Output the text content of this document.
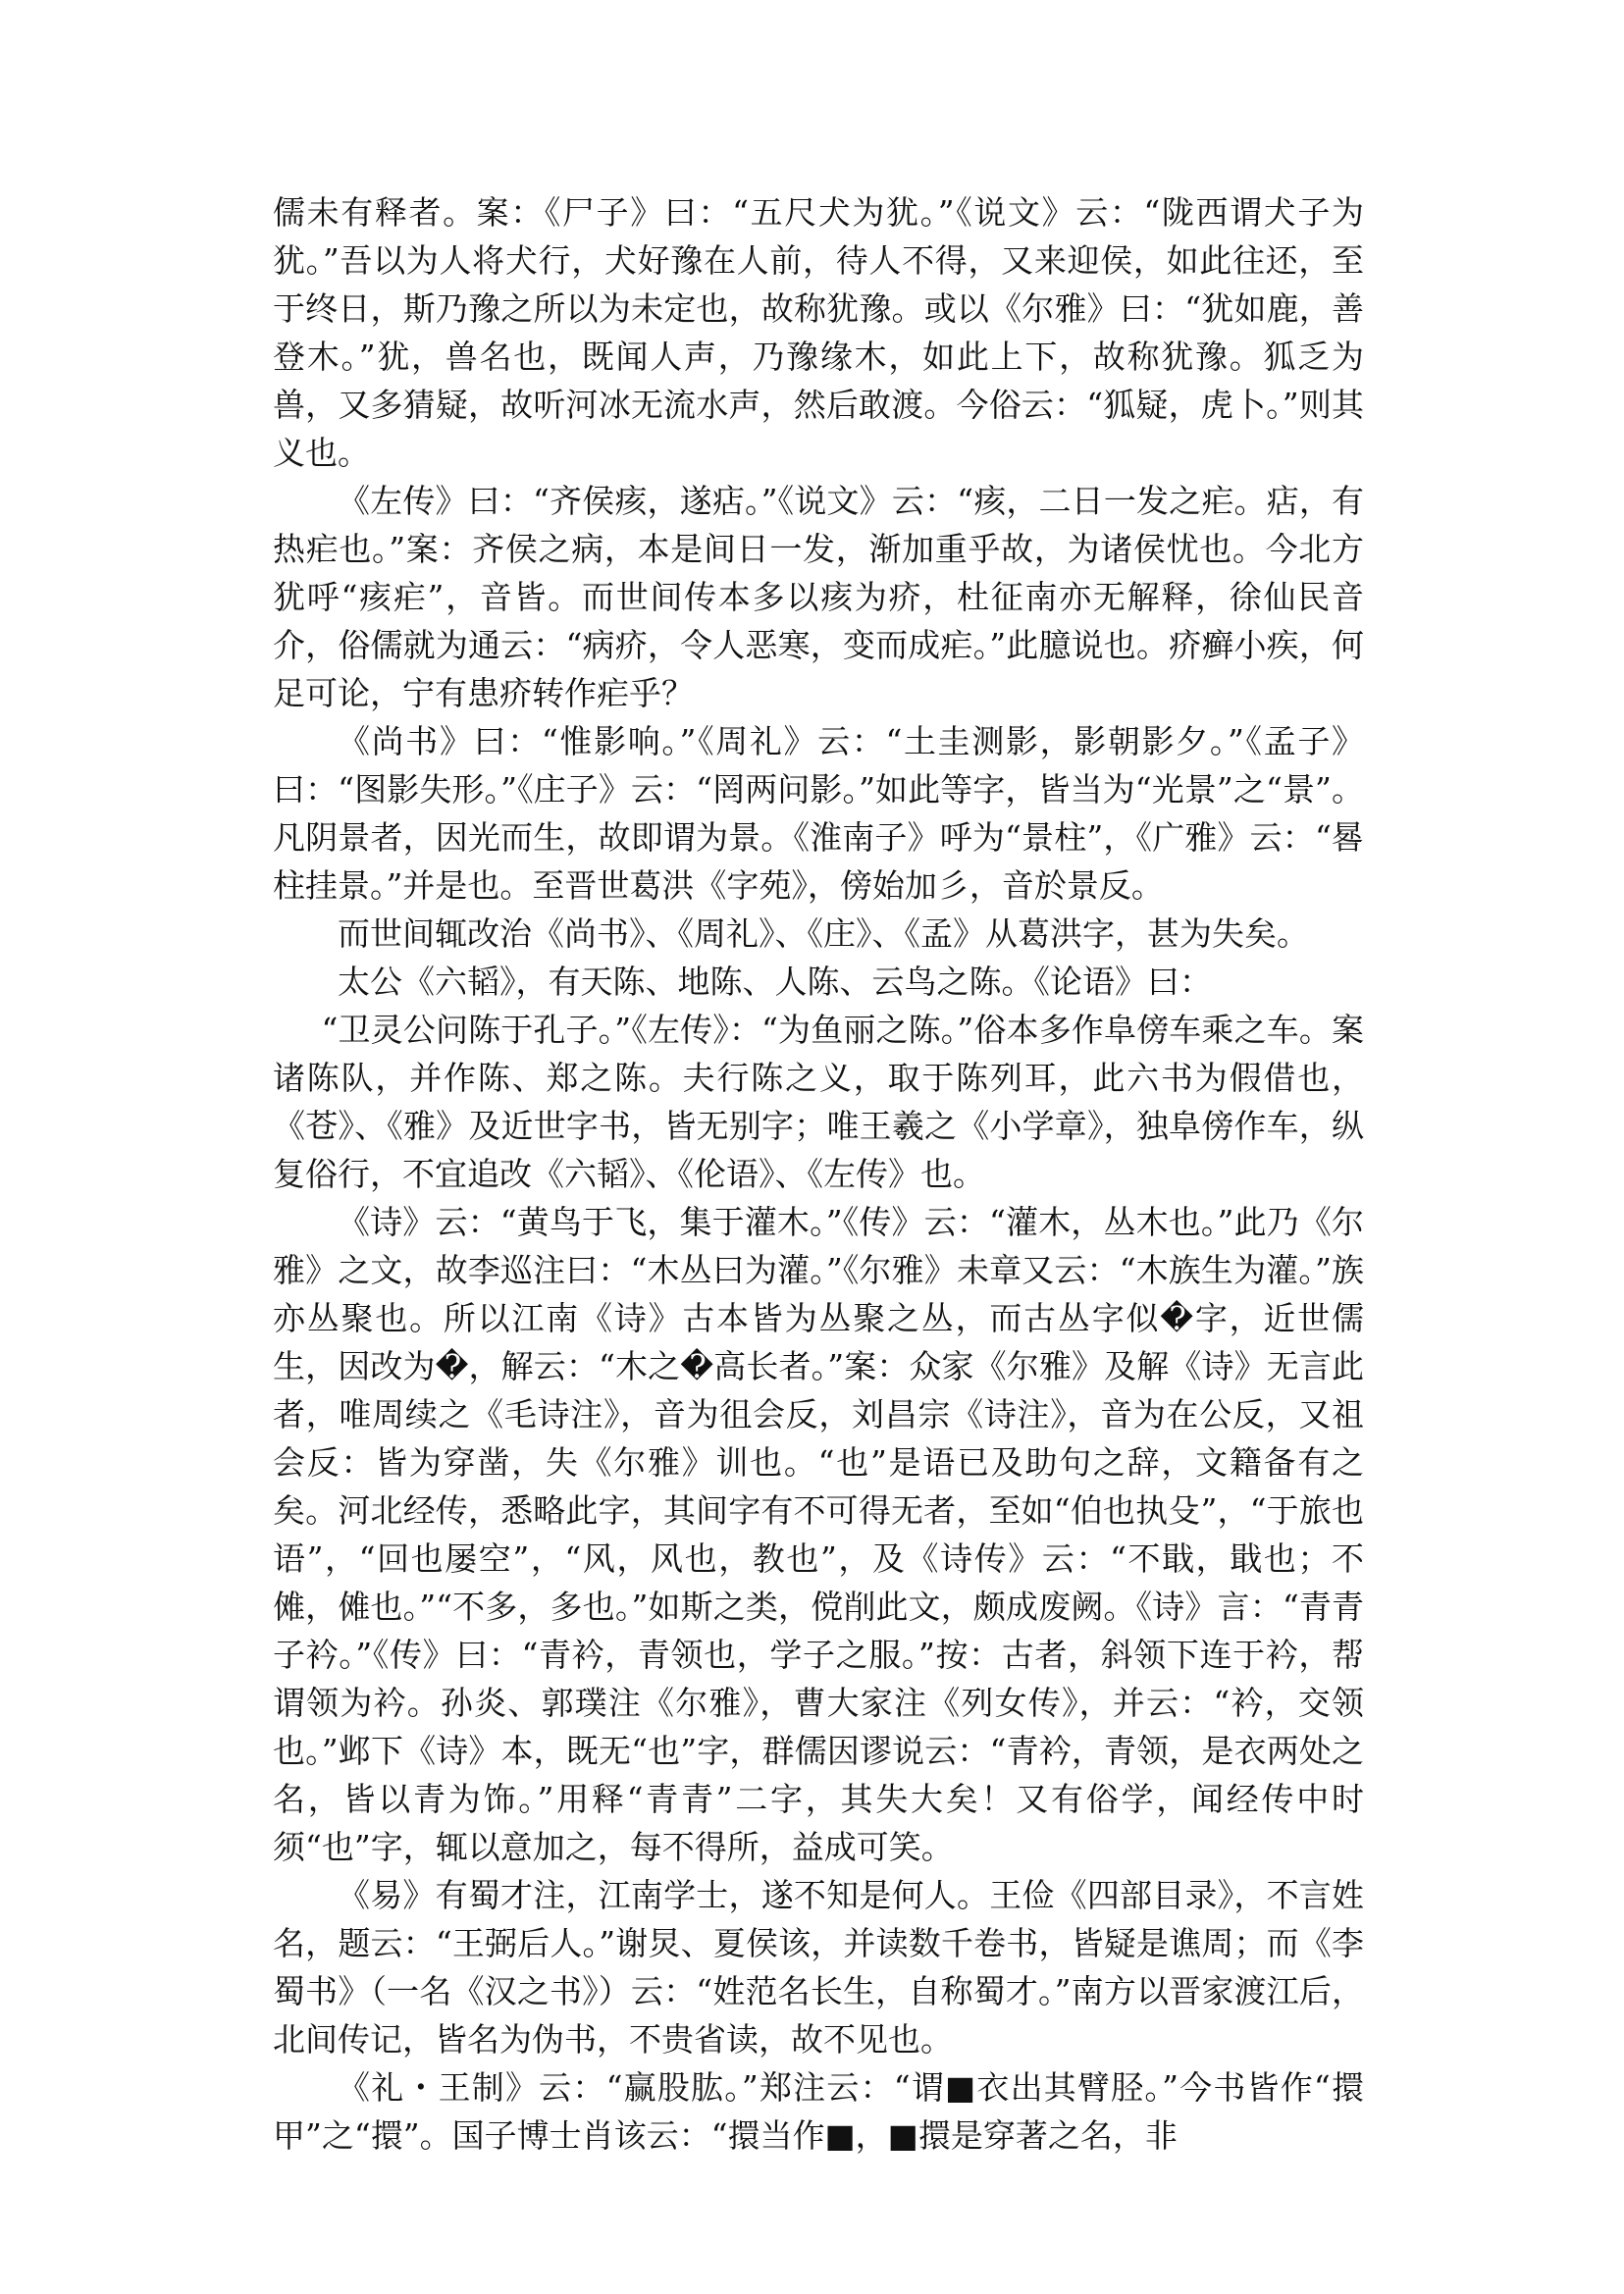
儒未有释者。案：《尸子》曰：“五尺犬为犹。”《说文》云：“陇西谓犬子为犹。”吾以为人将犬行，犬好豫在人前，待人不得，又来迎侯，如此往还，至于终日，斯乃豫之所以为未定也，故称犹豫。或以《尔雅》曰：“犹如鹿，善登木。”犹，兽名也，既闻人声，乃豫缘木，如此上下，故称犹豫。狐乏为兽，又多猜疑，故听河冰无流水声，然后敢渡。今俗云：“狐疑，虎卜。”则其义也。

《左传》曰：“齐侯痎，遂痁。”《说文》云：“痎，二日一发之疟。痁，有热疟也。”案：齐侯之病，本是间日一发，渐加重乎故，为诸侯忧也。今北方犹呼“痎疟”，音皆。而世间传本多以痎为疥，杜征南亦无解释，徐仙民音介，俗儒就为通云：“病疥，令人恶寒，变而成疟。”此臆说也。疥癣小疾，何足可论，宁有患疥转作疟乎？

《尚书》曰：“惟影响。”《周礼》云：“土圭测影，影朝影夕。”《孟子》曰：“图影失形。”《庄子》云：“罔两问影。”如此等字，皆当为“光景”之“景”。凡阴景者，因光而生，故即谓为景。《淮南子》呼为“景柱”，《广雅》云：“晷柱挂景。”并是也。至晋世葛洪《字苑》，傍始加彡，音於景反。

而世间辄改治《尚书》、《周礼》、《庄》、《孟》从葛洪字，甚为失矣。

太公《六韬》，有天陈、地陈、人陈、云鸟之陈。《论语》曰：

“卫灵公问陈于孔子。”《左传》：“为鱼丽之陈。”俗本多作阜傍车乘之车。案诸陈队，并作陈、郑之陈。夫行陈之义，取于陈列耳，此六书为假借也，《苍》、《雅》及近世字书，皆无别字；唯王羲之《小学章》，独阜傍作车，纵复俗行，不宜追改《六韬》、《伦语》、《左传》也。

《诗》云：“黄鸟于飞，集于灌木。”《传》云：“灌木，丛木也。”此乃《尔雅》之文，故李巡注曰：“木丛曰为灌。”《尔雅》未章又云：“木族生为灌。”族亦丛聚也。所以江南《诗》古本皆为丛聚之丛，而古丛字似�字，近世儒生，因改为�，解云：“木之�高长者。”案：众家《尔雅》及解《诗》无言此者，唯周续之《毛诗注》，音为徂会反，刘昌宗《诗注》，音为在公反，又祖会反：皆为穿凿，失《尔雅》训也。“也”是语已及助句之辞，文籍备有之矣。河北经传，悉略此字，其间字有不可得无者，至如“伯也执殳”，“于旅也语”，“回也屡空”，“风，风也，教也”，及《诗传》云：“不戢，戢也；不傩，傩也。”“不多，多也。”如斯之类，傥削此文，颇成废阙。《诗》言：“青青子衿。”《传》曰：“青衿，青领也，学子之服。”按：古者，斜领下连于衿，帮谓领为衿。孙炎、郭璞注《尔雅》，曹大家注《列女传》，并云：“衿，交领也。”邺下《诗》本，既无“也”字，群儒因谬说云：“青衿，青领，是衣两处之名，皆以青为饰。”用释“青青”二字，其失大矣！又有俗学，闻经传中时须“也”字，辄以意加之，每不得所，益成可笑。

《易》有蜀才注，江南学士，遂不知是何人。王俭《四部目录》，不言姓名，题云：“王弼后人。”谢炅、夏侯该，并读数千卷书，皆疑是谯周；而《李蜀书》（一名《汉之书》）云：“姓范名长生，自称蜀才。”南方以晋家渡江后，北间传记，皆名为伪书，不贵省读，故不见也。

《礼・王制》云：“赢股肱。”郑注云：“谓■衣出其臂胫。”今书皆作“擐甲”之“擐”。国子博士肖该云：“擐当作■，■擐是穿著之名，非
